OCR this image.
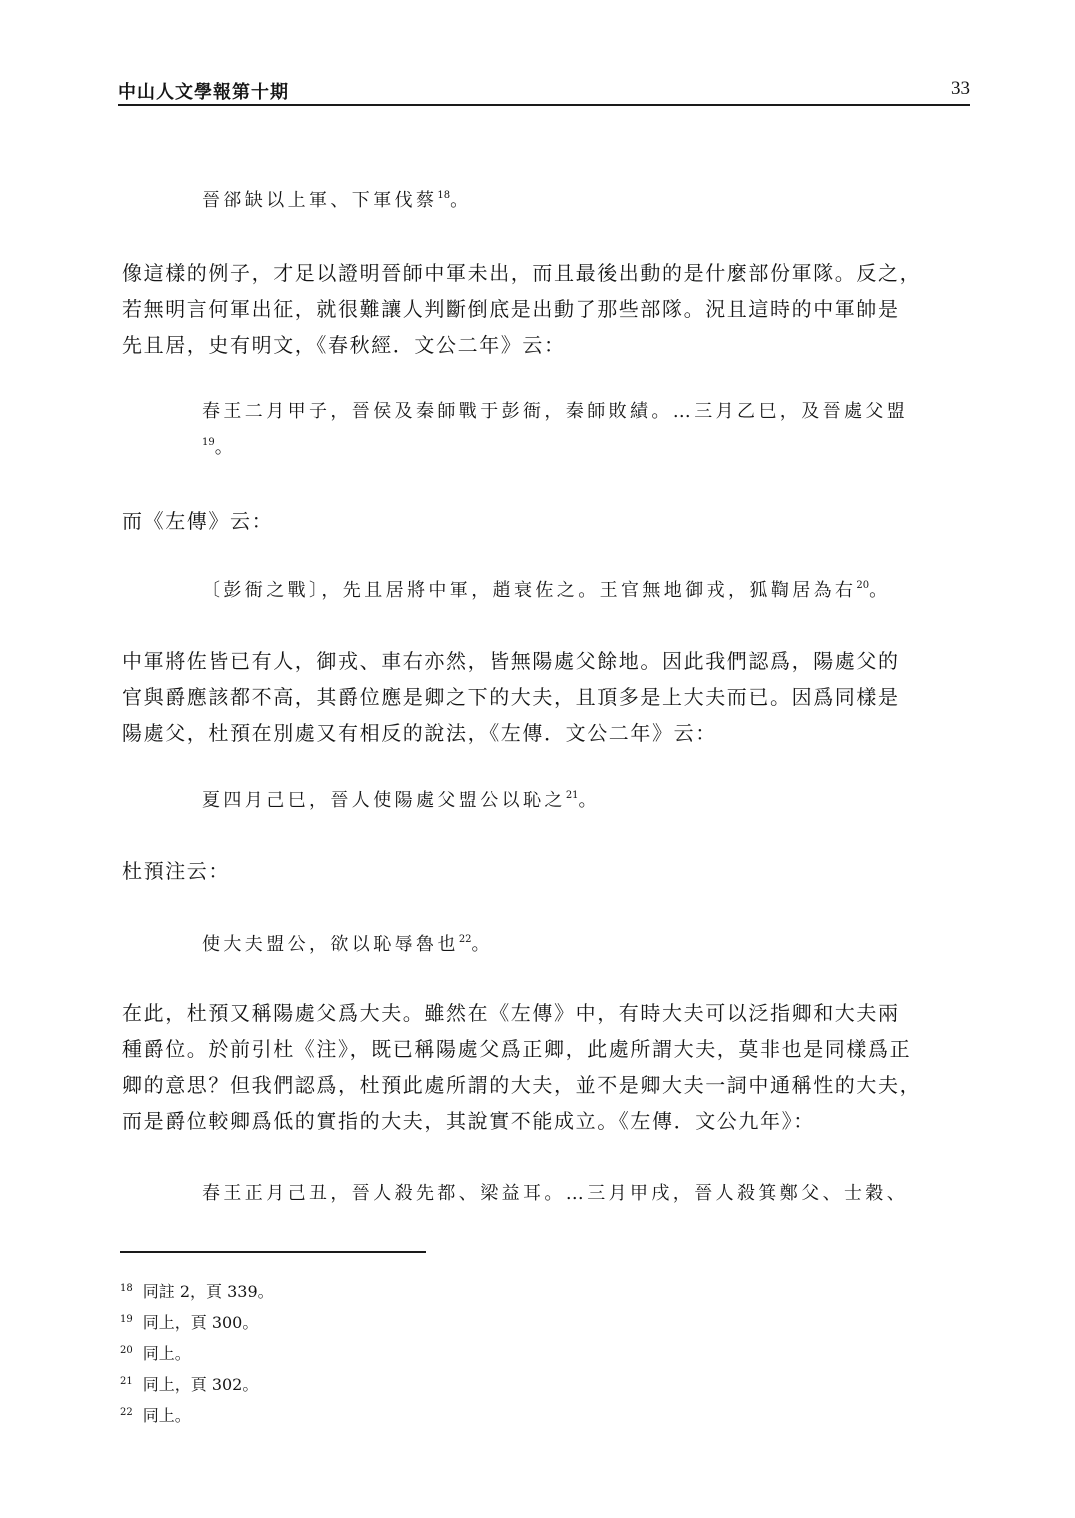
中山人文學報第十期	33

晉郤缺以上軍、下軍伐蔡$^{18}$。

像這樣的例子，才足以證明晉師中軍未出，而且最後出動的是什麼部份軍隊。反之，

若無明言何軍出征，就很難讓人判斷倒底是出動了那些部隊。況且這時的中軍帥是

先且居，史有明文，《春秋經．文公二年》云：

春王二月甲子，晉侯及秦師戰于彭衙，秦師敗績。…三月乙巳，及晉處父盟

$^{19}$。

而《左傳》云：

〔彭衙之戰〕，先且居將中軍，趙衰佐之。王官無地御戎，狐鞫居為右$^{20}$。

中軍將佐皆已有人，御戎、車右亦然，皆無陽處父餘地。因此我們認爲，陽處父的

官與爵應該都不高，其爵位應是卿之下的大夫，且頂多是上大夫而已。因爲同樣是

陽處父，杜預在別處又有相反的說法，《左傳．文公二年》云：

夏四月己巳，晉人使陽處父盟公以恥之$^{21}$。

杜預注云：

使大夫盟公，欲以恥辱魯也$^{22}$。

在此，杜預又稱陽處父爲大夫。雖然在《左傳》中，有時大夫可以泛指卿和大夫兩

種爵位。於前引杜《注》，既已稱陽處父爲正卿，此處所謂大夫，莫非也是同樣爲正

卿的意思？但我們認爲，杜預此處所謂的大夫，並不是卿大夫一詞中通稱性的大夫，

而是爵位較卿爲低的實指的大夫，其說實不能成立。《左傳．文公九年》：

春王正月己丑，晉人殺先都、梁益耳。…三月甲戌，晉人殺箕鄭父、士穀、

$^{18}$ 同註 2，頁 339。
$^{19}$ 同上，頁 300。
$^{20}$ 同上。
$^{21}$ 同上，頁 302。
$^{22}$ 同上。
